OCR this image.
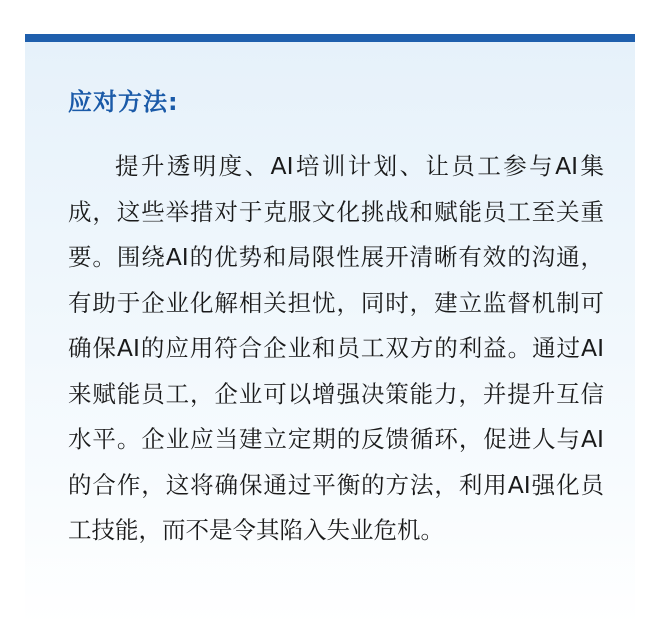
应对方法:

提升透明度、AI培训计划、让员工参与AI集成，这些举措对于克服文化挑战和赋能员工至关重要。围绕AI的优势和局限性展开清晰有效的沟通，有助于企业化解相关担忧，同时，建立监督机制可确保AI的应用符合企业和员工双方的利益。通过AI来赋能员工，企业可以增强决策能力，并提升互信水平。企业应当建立定期的反馈循环，促进人与AI的合作，这将确保通过平衡的方法，利用AI强化员工技能，而不是令其陷入失业危机。
